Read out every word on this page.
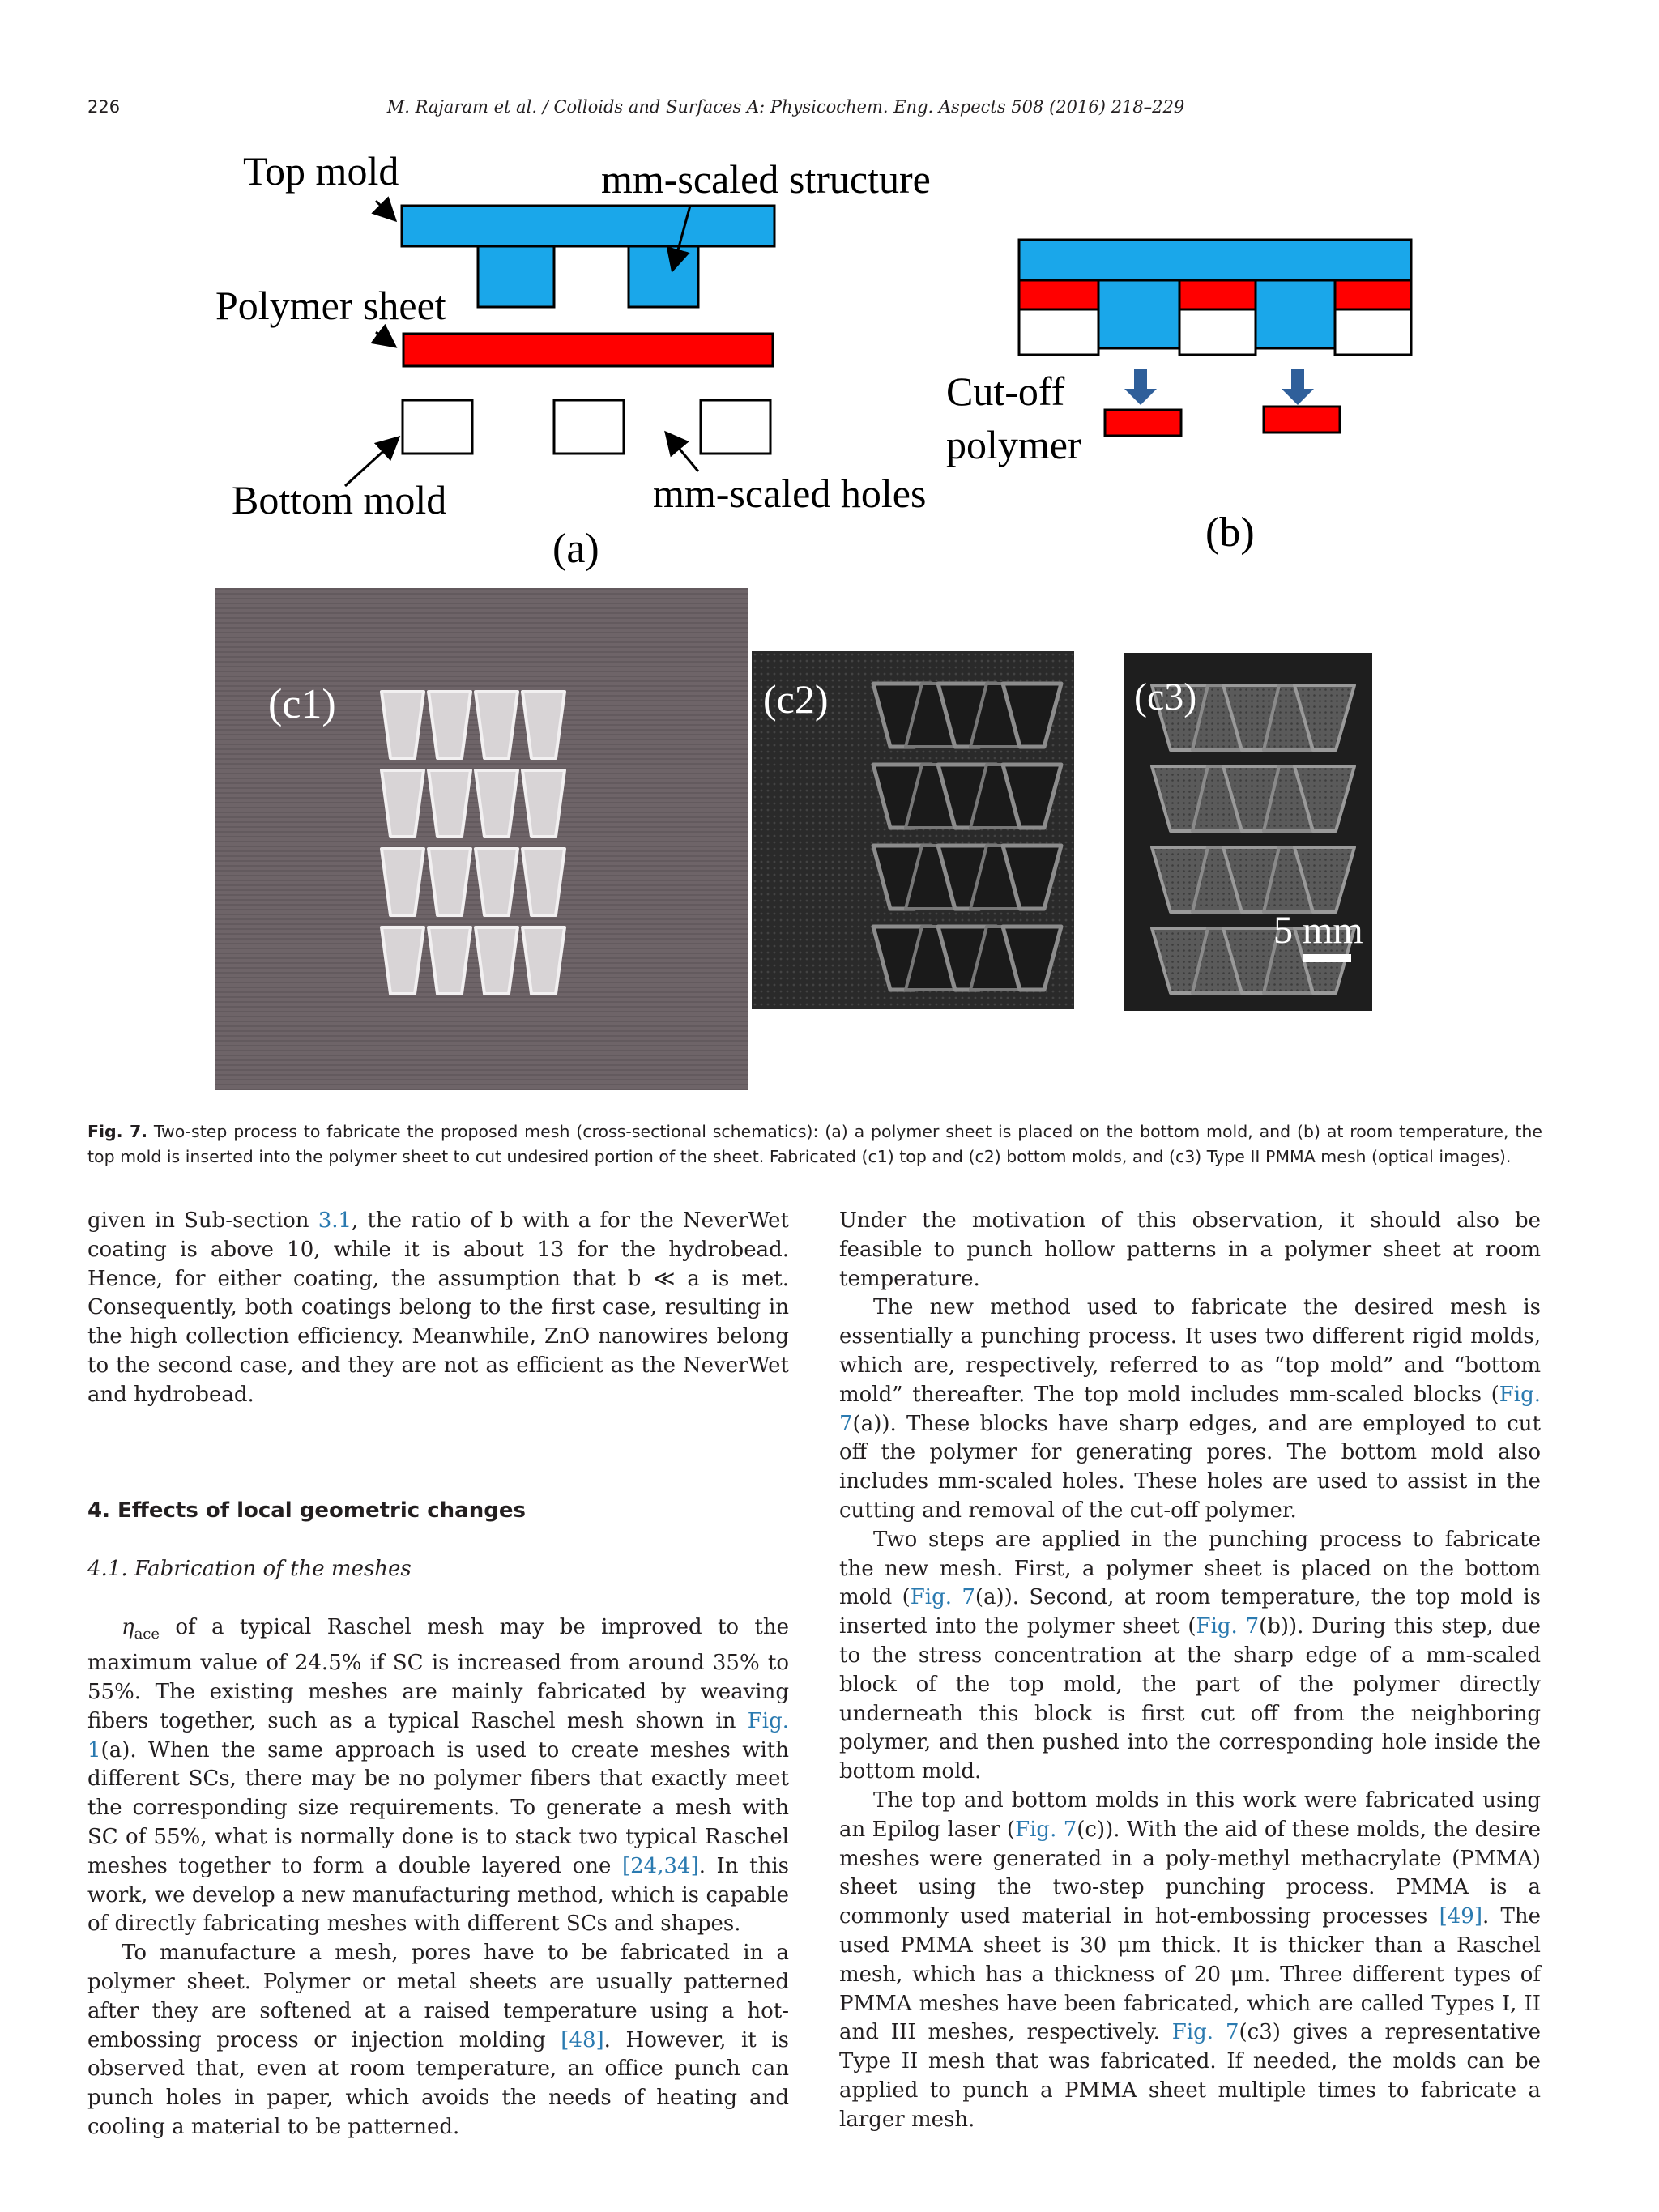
226	M. Rajaram et al. / Colloids and Surfaces A: Physicochem. Eng. Aspects 508 (2016) 218–229
Top mold	mm-scaled structure
Polymer sheet
Bottom mold	mm-scaled holes
(a)
Cut-off
polymer
(b)
(c1)	(c2)	(c3)
5 mm
Fig. 7. Two-step process to fabricate the proposed mesh (cross-sectional schematics): (a) a polymer sheet is placed on the bottom mold, and (b) at room temperature, the top mold is inserted into the polymer sheet to cut undesired portion of the sheet. Fabricated (c1) top and (c2) bottom molds, and (c3) Type II PMMA mesh (optical images).

given in Sub-section 3.1, the ratio of b with a for the NeverWet coating is above 10, while it is about 13 for the hydrobead. Hence, for either coating, the assumption that b ≪ a is met. Consequently, both coatings belong to the first case, resulting in the high collection efficiency. Meanwhile, ZnO nanowires belong to the second case, and they are not as efficient as the NeverWet and hydrobead.

4. Effects of local geometric changes

4.1. Fabrication of the meshes

$\eta_{ace}$ of a typical Raschel mesh may be improved to the maximum value of 24.5% if SC is increased from around 35% to 55%. The existing meshes are mainly fabricated by weaving fibers together, such as a typical Raschel mesh shown in Fig. 1(a). When the same approach is used to create meshes with different SCs, there may be no polymer fibers that exactly meet the corresponding size requirements. To generate a mesh with SC of 55%, what is normally done is to stack two typical Raschel meshes together to form a double layered one [24,34]. In this work, we develop a new manufacturing method, which is capable of directly fabricating meshes with different SCs and shapes.

To manufacture a mesh, pores have to be fabricated in a polymer sheet. Polymer or metal sheets are usually patterned after they are softened at a raised temperature using a hot-embossing process or injection molding [48]. However, it is observed that, even at room temperature, an office punch can punch holes in paper, which avoids the needs of heating and cooling a material to be patterned.

Under the motivation of this observation, it should also be feasible to punch hollow patterns in a polymer sheet at room temperature.

The new method used to fabricate the desired mesh is essentially a punching process. It uses two different rigid molds, which are, respectively, referred to as “top mold” and “bottom mold” thereafter. The top mold includes mm-scaled blocks (Fig. 7(a)). These blocks have sharp edges, and are employed to cut off the polymer for generating pores. The bottom mold also includes mm-scaled holes. These holes are used to assist in the cutting and removal of the cut-off polymer.

Two steps are applied in the punching process to fabricate the new mesh. First, a polymer sheet is placed on the bottom mold (Fig. 7(a)). Second, at room temperature, the top mold is inserted into the polymer sheet (Fig. 7(b)). During this step, due to the stress concentration at the sharp edge of a mm-scaled block of the top mold, the part of the polymer directly underneath this block is first cut off from the neighboring polymer, and then pushed into the corresponding hole inside the bottom mold.

The top and bottom molds in this work were fabricated using an Epilog laser (Fig. 7(c)). With the aid of these molds, the desire meshes were generated in a poly-methyl methacrylate (PMMA) sheet using the two-step punching process. PMMA is a commonly used material in hot-embossing processes [49]. The used PMMA sheet is 30 μm thick. It is thicker than a Raschel mesh, which has a thickness of 20 μm. Three different types of PMMA meshes have been fabricated, which are called Types I, II and III meshes, respectively. Fig. 7(c3) gives a representative Type II mesh that was fabricated. If needed, the molds can be applied to punch a PMMA sheet multiple times to fabricate a larger mesh.
